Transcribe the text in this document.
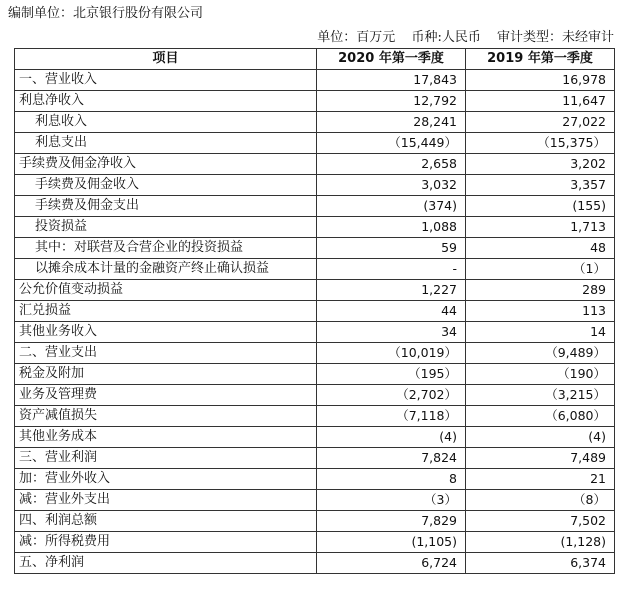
编制单位：北京银行股份有限公司
单位：百万元 币种:人民币 审计类型：未经审计
项目	2020 年第一季度	2019 年第一季度
一、营业收入	17,843	16,978
利息净收入	12,792	11,647
利息收入	28,241	27,022
利息支出	（15,449）	（15,375）
手续费及佣金净收入	2,658	3,202
手续费及佣金收入	3,032	3,357
手续费及佣金支出	(374)	(155)
投资损益	1,088	1,713
其中：对联营及合营企业的投资损益	59	48
以摊余成本计量的金融资产终止确认损益	-	（1）
公允价值变动损益	1,227	289
汇兑损益	44	113
其他业务收入	34	14
二、营业支出	（10,019）	（9,489）
税金及附加	（195）	（190）
业务及管理费	（2,702）	（3,215）
资产减值损失	（7,118）	（6,080）
其他业务成本	(4)	(4)
三、营业利润	7,824	7,489
加：营业外收入	8	21
减：营业外支出	（3）	（8）
四、利润总额	7,829	7,502
减：所得税费用	(1,105)	(1,128)
五、净利润	6,724	6,374
